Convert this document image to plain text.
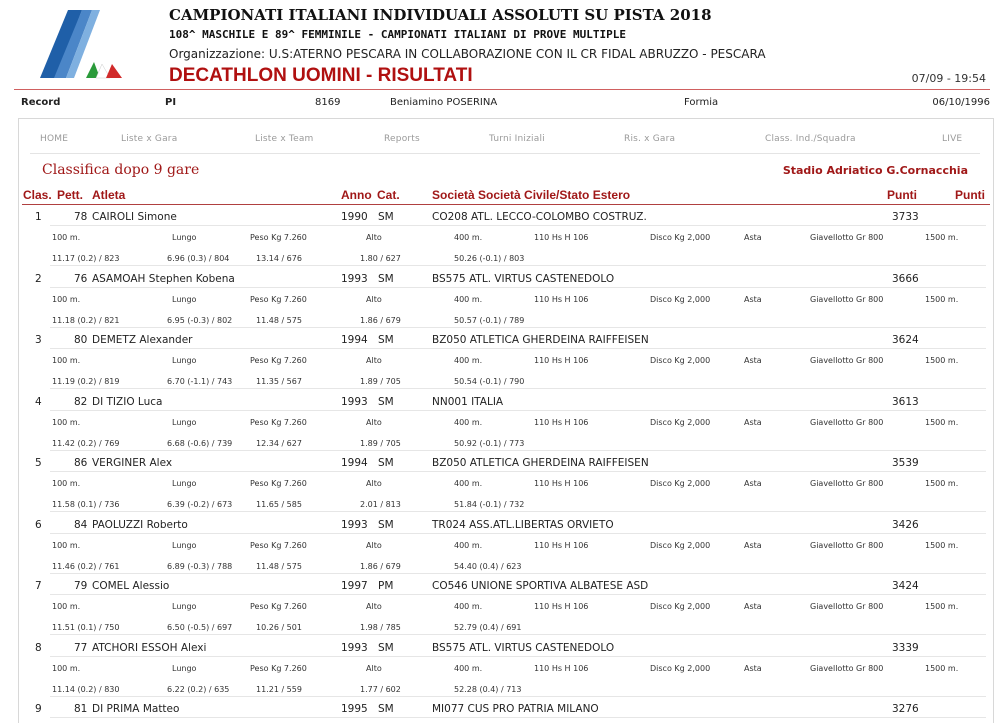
CAMPIONATI ITALIANI INDIVIDUALI ASSOLUTI SU PISTA 2018
108^ MASCHILE E 89^ FEMMINILE - CAMPIONATI ITALIANI DI PROVE MULTIPLE
Organizzazione: U.S:ATERNO PESCARA IN COLLABORAZIONE CON IL CR FIDAL ABRUZZO - PESCARA
DECATHLON UOMINI - RISULTATI	07/09 - 19:54
Record	PI	8169	Beniamino POSERINA	Formia	06/10/1996
HOME	Liste x Gara	Liste x Team	Reports	Turni Iniziali	Ris. x Gara	Class. Ind./Squadra	LIVE
Classifica dopo 9 gare	Stadio Adriatico G.Cornacchia
Clas. Pett. Atleta	Anno Cat.	Società Società Civile/Stato Estero	Punti	Punti
1	78 CAIROLI Simone	1990 SM	CO208 ATL. LECCO-COLOMBO COSTRUZ.	3733
100 m.	Lungo	Peso Kg 7.260	Alto	400 m.	110 Hs H 106	Disco Kg 2,000	Asta	Giavellotto Gr 800	1500 m.
11.17 (0.2) / 823	6.96 (0.3) / 804	13.14 / 676	1.80 / 627	50.26 (-0.1) / 803
2	76 ASAMOAH Stephen Kobena	1993 SM	BS575 ATL. VIRTUS CASTENEDOLO	3666
100 m.	Lungo	Peso Kg 7.260	Alto	400 m.	110 Hs H 106	Disco Kg 2,000	Asta	Giavellotto Gr 800	1500 m.
11.18 (0.2) / 821	6.95 (-0.3) / 802	11.48 / 575	1.86 / 679	50.57 (-0.1) / 789
3	80 DEMETZ Alexander	1994 SM	BZ050 ATLETICA GHERDEINA RAIFFEISEN	3624
100 m.	Lungo	Peso Kg 7.260	Alto	400 m.	110 Hs H 106	Disco Kg 2,000	Asta	Giavellotto Gr 800	1500 m.
11.19 (0.2) / 819	6.70 (-1.1) / 743	11.35 / 567	1.89 / 705	50.54 (-0.1) / 790
4	82 DI TIZIO Luca	1993 SM	NN001 ITALIA	3613
100 m.	Lungo	Peso Kg 7.260	Alto	400 m.	110 Hs H 106	Disco Kg 2,000	Asta	Giavellotto Gr 800	1500 m.
11.42 (0.2) / 769	6.68 (-0.6) / 739	12.34 / 627	1.89 / 705	50.92 (-0.1) / 773
5	86 VERGINER Alex	1994 SM	BZ050 ATLETICA GHERDEINA RAIFFEISEN	3539
100 m.	Lungo	Peso Kg 7.260	Alto	400 m.	110 Hs H 106	Disco Kg 2,000	Asta	Giavellotto Gr 800	1500 m.
11.58 (0.1) / 736	6.39 (-0.2) / 673	11.65 / 585	2.01 / 813	51.84 (-0.1) / 732
6	84 PAOLUZZI Roberto	1993 SM	TR024 ASS.ATL.LIBERTAS ORVIETO	3426
100 m.	Lungo	Peso Kg 7.260	Alto	400 m.	110 Hs H 106	Disco Kg 2,000	Asta	Giavellotto Gr 800	1500 m.
11.46 (0.2) / 761	6.89 (-0.3) / 788	11.48 / 575	1.86 / 679	54.40 (0.4) / 623
7	79 COMEL Alessio	1997 PM	CO546 UNIONE SPORTIVA ALBATESE ASD	3424
100 m.	Lungo	Peso Kg 7.260	Alto	400 m.	110 Hs H 106	Disco Kg 2,000	Asta	Giavellotto Gr 800	1500 m.
11.51 (0.1) / 750	6.50 (-0.5) / 697	10.26 / 501	1.98 / 785	52.79 (0.4) / 691
8	77 ATCHORI ESSOH Alexi	1993 SM	BS575 ATL. VIRTUS CASTENEDOLO	3339
100 m.	Lungo	Peso Kg 7.260	Alto	400 m.	110 Hs H 106	Disco Kg 2,000	Asta	Giavellotto Gr 800	1500 m.
11.14 (0.2) / 830	6.22 (0.2) / 635	11.21 / 559	1.77 / 602	52.28 (0.4) / 713
9	81 DI PRIMA Matteo	1995 SM	MI077 CUS PRO PATRIA MILANO	3276
